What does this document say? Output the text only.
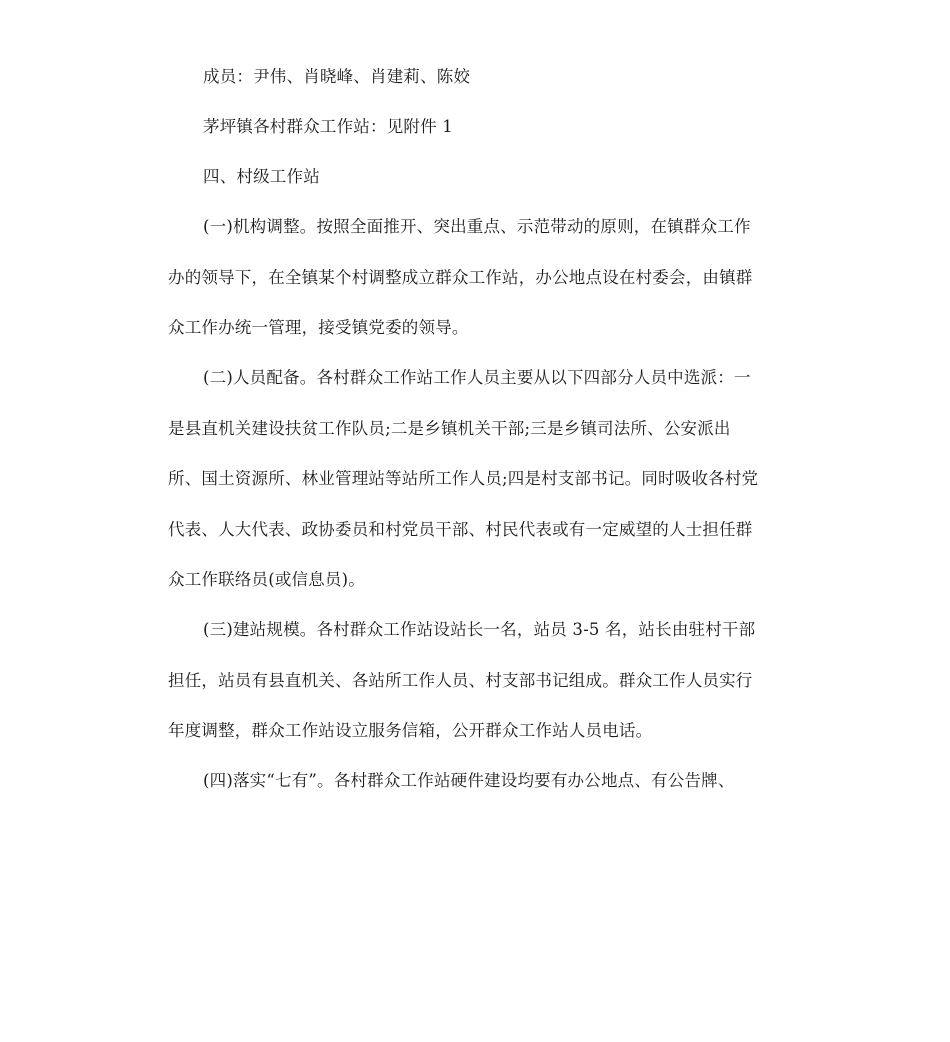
成员：尹伟、肖晓峰、肖建莉、陈姣
茅坪镇各村群众工作站：见附件 1
四、村级工作站
(一)机构调整。按照全面推开、突出重点、示范带动的原则，在镇群众工作
办的领导下，在全镇某个村调整成立群众工作站，办公地点设在村委会，由镇群
众工作办统一管理，接受镇党委的领导。
(二)人员配备。各村群众工作站工作人员主要从以下四部分人员中选派：一
是县直机关建设扶贫工作队员;二是乡镇机关干部;三是乡镇司法所、公安派出
所、国土资源所、林业管理站等站所工作人员;四是村支部书记。同时吸收各村党
代表、人大代表、政协委员和村党员干部、村民代表或有一定威望的人士担任群
众工作联络员(或信息员)。
(三)建站规模。各村群众工作站设站长一名，站员 3-5 名，站长由驻村干部
担任，站员有县直机关、各站所工作人员、村支部书记组成。群众工作人员实行
年度调整，群众工作站设立服务信箱，公开群众工作站人员电话。
(四)落实“七有”。各村群众工作站硬件建设均要有办公地点、有公告牌、
